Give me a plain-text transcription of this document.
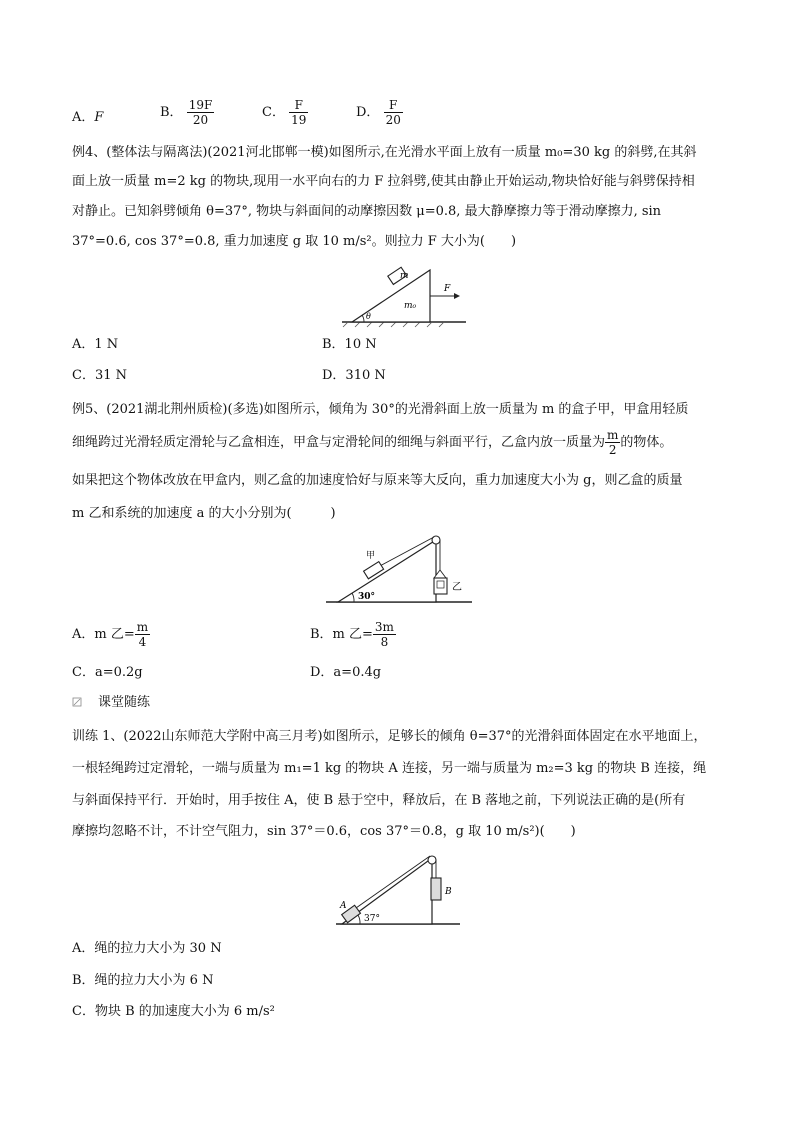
A．F	B． $\frac{19F}{20}$	C． $\frac{F}{19}$	D． $\frac{F}{20}$
例4、(整体法与隔离法)(2021河北邯郸一模)如图所示,在光滑水平面上放有一质量 m₀=30 kg 的斜劈,在其斜
面上放一质量 m=2 kg 的物块,现用一水平向右的力 F 拉斜劈,使其由静止开始运动,物块恰好能与斜劈保持相
对静止。已知斜劈倾角 θ=37°, 物块与斜面间的动摩擦因数 μ=0.8, 最大静摩擦力等于滑动摩擦力, sin
37°=0.6, cos 37°=0.8, 重力加速度 g 取 10 m/s²。则拉力 F 大小为(　　)
m
m₀
F
θ
A．1 N	B．10 N
C．31 N	D．310 N
例5、(2021湖北荆州质检)(多选)如图所示，倾角为 30°的光滑斜面上放一质量为 m 的盒子甲，甲盒用轻质
细绳跨过光滑轻质定滑轮与乙盒相连，甲盒与定滑轮间的细绳与斜面平行，乙盒内放一质量为 $\frac{m}{2}$ 的物体。
如果把这个物体改放在甲盒内，则乙盒的加速度恰好与原来等大反向，重力加速度大小为 g，则乙盒的质量
m 乙和系统的加速度 a 的大小分别为(　　　)
甲
乙
30°
A．m 乙= $\frac{m}{4}$	B．m 乙= $\frac{3m}{8}$
C．a=0.2g	D．a=0.4g
课堂随练
训练 1、(2022山东师范大学附中高三月考)如图所示，足够长的倾角 θ=37°的光滑斜面体固定在水平地面上，
一根轻绳跨过定滑轮，一端与质量为 m₁=1 kg 的物块 A 连接，另一端与质量为 m₂=3 kg 的物块 B 连接，绳
与斜面保持平行．开始时，用手按住 A，使 B 悬于空中，释放后，在 B 落地之前，下列说法正确的是(所有
摩擦均忽略不计，不计空气阻力，sin 37°＝0.6，cos 37°＝0.8，g 取 10 m/s²)(　　)
A
B
37°
A．绳的拉力大小为 30 N
B．绳的拉力大小为 6 N
C．物块 B 的加速度大小为 6 m/s²
